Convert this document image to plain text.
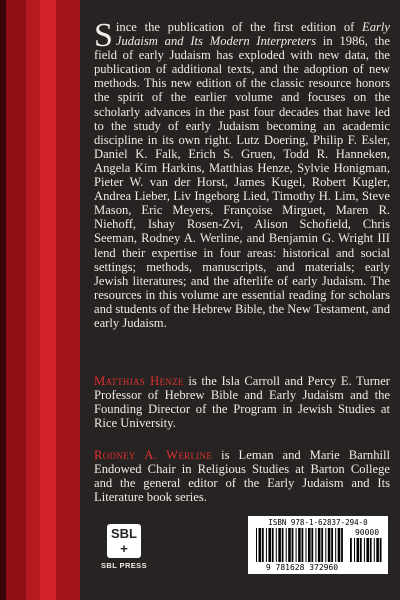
Since the publication of the first edition of Early Judaism and Its Modern Interpreters in 1986, the field of early Judaism has exploded with new data, the publication of additional texts, and the adoption of new methods. This new edition of the classic resource honors the spirit of the earlier volume and focuses on the scholarly advances in the past four decades that have led to the study of early Judaism becoming an academic discipline in its own right. Lutz Doering, Philip F. Esler, Daniel K. Falk, Erich S. Gruen, Todd R. Hanneken, Angela Kim Harkins, Matthias Henze, Sylvie Honigman, Pieter W. van der Horst, James Kugel, Robert Kugler, Andrea Lieber, Liv Ingeborg Lied, Timothy H. Lim, Steve Mason, Eric Meyers, Françoise Mirguet, Maren R. Niehoff, Ishay Rosen-Zvi, Alison Schofield, Chris Seeman, Rodney A. Werline, and Benjamin G. Wright III lend their expertise in four areas: historical and social settings; methods, manuscripts, and materials; early Jewish literatures; and the afterlife of early Judaism. The resources in this volume are essential reading for scholars and students of the Hebrew Bible, the New Testament, and early Judaism.
Matthias Henze is the Isla Carroll and Percy E. Turner Professor of Hebrew Bible and Early Judaism and the Founding Director of the Program in Jewish Studies at Rice University.
Rodney A. Werline is Leman and Marie Barnhill Endowed Chair in Religious Studies at Barton College and the general editor of the Early Judaism and Its Literature book series.
SBL
+
SBL PRESS
ISBN 978-1-62837-294-0
90000
9 781628 372960
